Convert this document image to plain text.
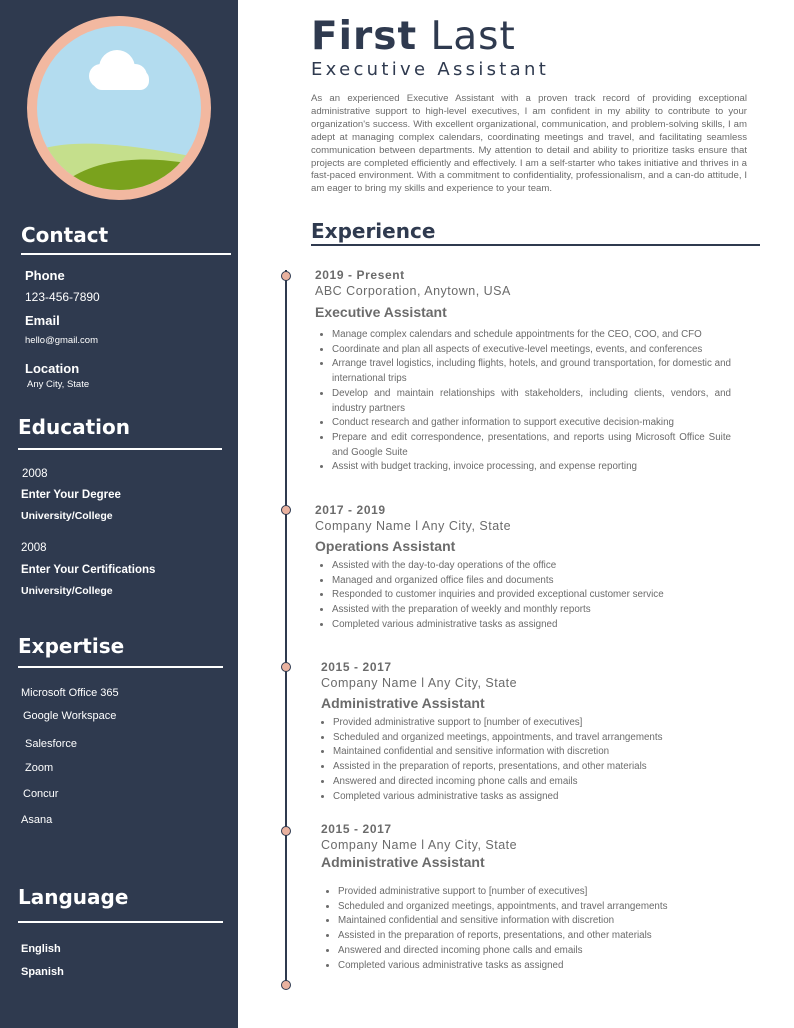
Contact
Phone
123-456-7890
Email
hello@gmail.com
Location
Any City, State
Education
2008
Enter Your Degree
University/College
2008
Enter Your Certifications
University/College
Expertise
Microsoft Office 365
Google Workspace
Salesforce
Zoom
Concur
Asana
Language
English
Spanish
First Last
Executive Assistant

As an experienced Executive Assistant with a proven track record of providing exceptional administrative support to high-level executives, I am confident in my ability to contribute to your organization's success. With excellent organizational, communication, and problem-solving skills, I am adept at managing complex calendars, coordinating meetings and travel, and facilitating seamless communication between departments. My attention to detail and ability to prioritize tasks ensure that projects are completed efficiently and effectively. I am a self-starter who takes initiative and thrives in a fast-paced environment. With a commitment to confidentiality, professionalism, and a can-do attitude, I am eager to bring my skills and experience to your team.

Experience

2019 - Present

ABC Corporation, Anytown, USA

Executive Assistant

• Manage complex calendars and schedule appointments for the CEO, COO, and CFO
• Coordinate and plan all aspects of executive-level meetings, events, and conferences
• Arrange travel logistics, including flights, hotels, and ground transportation, for domestic and international trips
• Develop and maintain relationships with stakeholders, including clients, vendors, and industry partners
• Conduct research and gather information to support executive decision-making
• Prepare and edit correspondence, presentations, and reports using Microsoft Office Suite and Google Suite
• Assist with budget tracking, invoice processing, and expense reporting

2017 - 2019

Company Name l Any City, State

Operations Assistant

• Assisted with the day-to-day operations of the office
• Managed and organized office files and documents
• Responded to customer inquiries and provided exceptional customer service
• Assisted with the preparation of weekly and monthly reports
• Completed various administrative tasks as assigned

2015 - 2017

Company Name l Any City, State

Administrative Assistant

• Provided administrative support to [number of executives]
• Scheduled and organized meetings, appointments, and travel arrangements
• Maintained confidential and sensitive information with discretion
• Assisted in the preparation of reports, presentations, and other materials
• Answered and directed incoming phone calls and emails
• Completed various administrative tasks as assigned

2015 - 2017

Company Name l Any City, State

Administrative Assistant

• Provided administrative support to [number of executives]
• Scheduled and organized meetings, appointments, and travel arrangements
• Maintained confidential and sensitive information with discretion
• Assisted in the preparation of reports, presentations, and other materials
• Answered and directed incoming phone calls and emails
• Completed various administrative tasks as assigned
